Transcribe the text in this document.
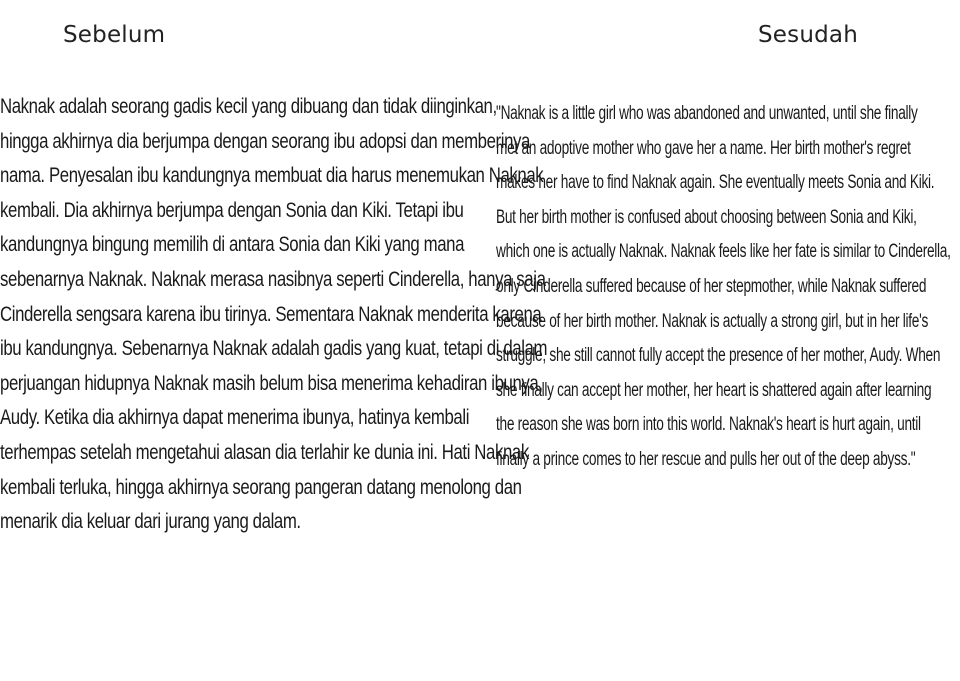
Sebelum	Sesudah
Naknak adalah seorang gadis kecil yang dibuang dan tidak diinginkan,
hingga akhirnya dia berjumpa dengan seorang ibu adopsi dan memberinya
nama. Penyesalan ibu kandungnya membuat dia harus menemukan Naknak
kembali. Dia akhirnya berjumpa dengan Sonia dan Kiki. Tetapi ibu
kandungnya bingung memilih di antara Sonia dan Kiki yang mana
sebenarnya Naknak. Naknak merasa nasibnya seperti Cinderella, hanya saja
Cinderella sengsara karena ibu tirinya. Sementara Naknak menderita karena
ibu kandungnya. Sebenarnya Naknak adalah gadis yang kuat, tetapi di dalam
perjuangan hidupnya Naknak masih belum bisa menerima kehadiran ibunya,
Audy. Ketika dia akhirnya dapat menerima ibunya, hatinya kembali
terhempas setelah mengetahui alasan dia terlahir ke dunia ini. Hati Naknak
kembali terluka, hingga akhirnya seorang pangeran datang menolong dan
menarik dia keluar dari jurang yang dalam.
"Naknak is a little girl who was abandoned and unwanted, until she finally
met an adoptive mother who gave her a name. Her birth mother's regret
makes her have to find Naknak again. She eventually meets Sonia and Kiki.
But her birth mother is confused about choosing between Sonia and Kiki,
which one is actually Naknak. Naknak feels like her fate is similar to Cinderella,
only Cinderella suffered because of her stepmother, while Naknak suffered
because of her birth mother. Naknak is actually a strong girl, but in her life's
struggle, she still cannot fully accept the presence of her mother, Audy. When
she finally can accept her mother, her heart is shattered again after learning
the reason she was born into this world. Naknak's heart is hurt again, until
finally a prince comes to her rescue and pulls her out of the deep abyss."
